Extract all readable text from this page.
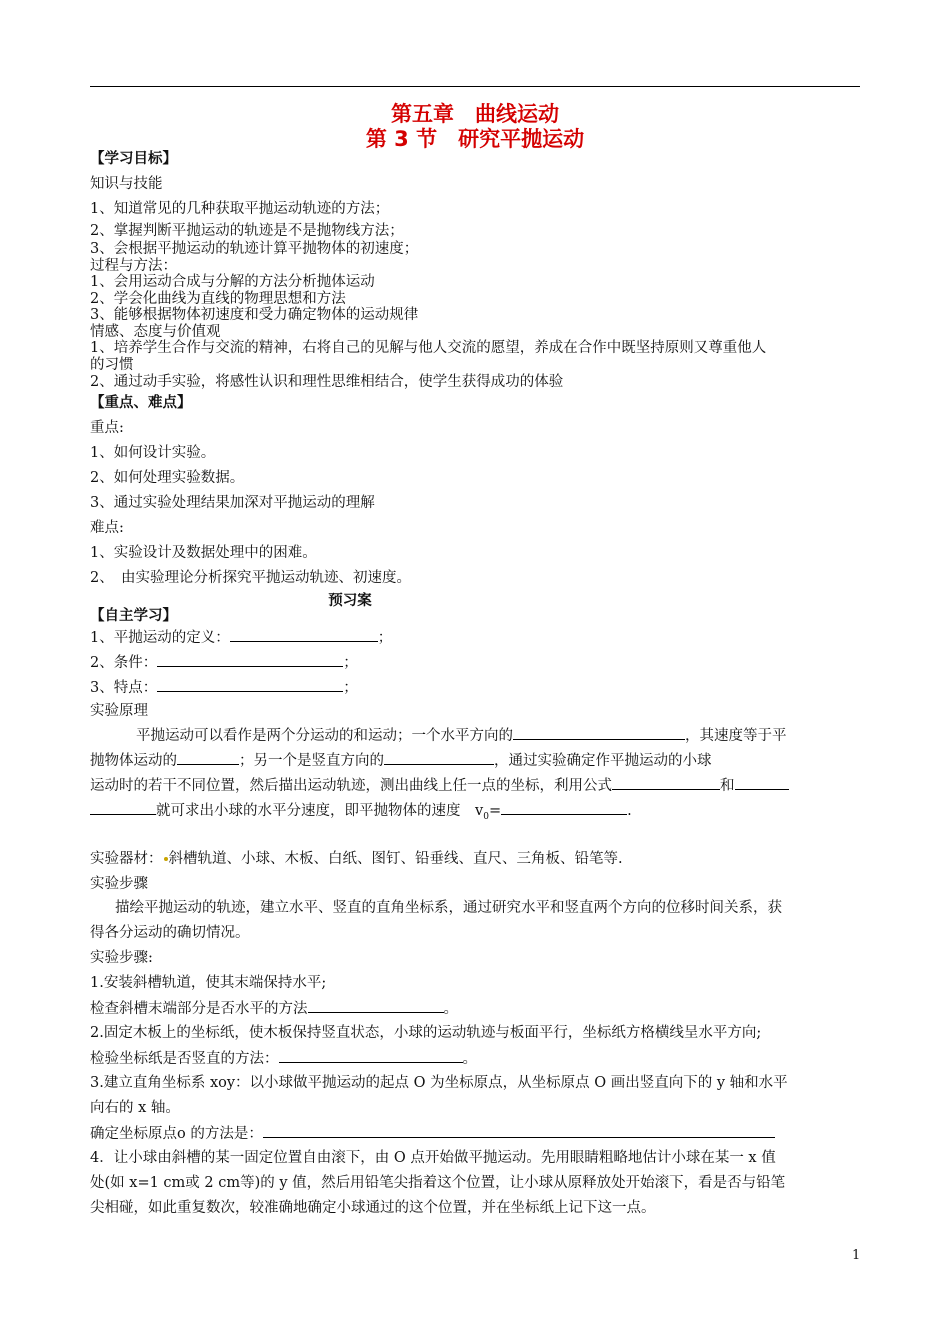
第五章　曲线运动
第 3 节　研究平抛运动
【学习目标】
知识与技能
1、知道常见的几种获取平抛运动轨迹的方法；
2、掌握判断平抛运动的轨迹是不是抛物线方法；
3、会根据平抛运动的轨迹计算平抛物体的初速度；
过程与方法：
1、会用运动合成与分解的方法分析抛体运动
2、学会化曲线为直线的物理思想和方法
3、能够根据物体初速度和受力确定物体的运动规律
情感、态度与价值观
1、培养学生合作与交流的精神，右将自己的见解与他人交流的愿望，养成在合作中既坚持原则又尊重他人
的习惯
2、通过动手实验，将感性认识和理性思维相结合，使学生获得成功的体验
【重点、难点】
重点:
1、如何设计实验。
2、如何处理实验数据。
3、通过实验处理结果加深对平抛运动的理解
难点:
1、实验设计及数据处理中的困难。
2、　由实验理论分析探究平抛运动轨迹、初速度。
预习案
【自主学习】
1、平抛运动的定义：	；
2、条件：	；
3、特点：	；
实验原理
平抛运动可以看作是两个分运动的和运动；一个水平方向的	，其速度等于平
抛物体运动的	；另一个是竖直方向的	，通过实验确定作平抛运动的小球
运动时的若干不同位置，然后描出运动轨迹，测出曲线上任一点的坐标，利用公式	和
就可求出小球的水平分速度，即平抛物体的速度　$v_0=$	.
实验器材： 斜槽轨道、小球、木板、白纸、图钉、铅垂线、直尺、三角板、铅笔等.
实验步骤
描绘平抛运动的轨迹，建立水平、竖直的直角坐标系，通过研究水平和竖直两个方向的位移时间关系，获
得各分运动的确切情况。
实验步骤:
1.安装斜槽轨道，使其末端保持水平;
检查斜槽末端部分是否水平的方法	。
2.固定木板上的坐标纸，使木板保持竖直状态，小球的运动轨迹与板面平行，坐标纸方格横线呈水平方向;
检验坐标纸是否竖直的方法：	。
3.建立直角坐标系 xoy：以小球做平抛运动的起点 O 为坐标原点，从坐标原点 O 画出竖直向下的 y 轴和水平
向右的 x 轴。
确定坐标原点o 的方法是：
4．让小球由斜槽的某一固定位置自由滚下，由 O 点开始做平抛运动。先用眼睛粗略地估计小球在某一 x 值
处(如 x=1 cm或 2 cm等)的 y 值，然后用铅笔尖指着这个位置，让小球从原释放处开始滚下，看是否与铅笔
尖相碰，如此重复数次，较准确地确定小球通过的这个位置，并在坐标纸上记下这一点。
1
